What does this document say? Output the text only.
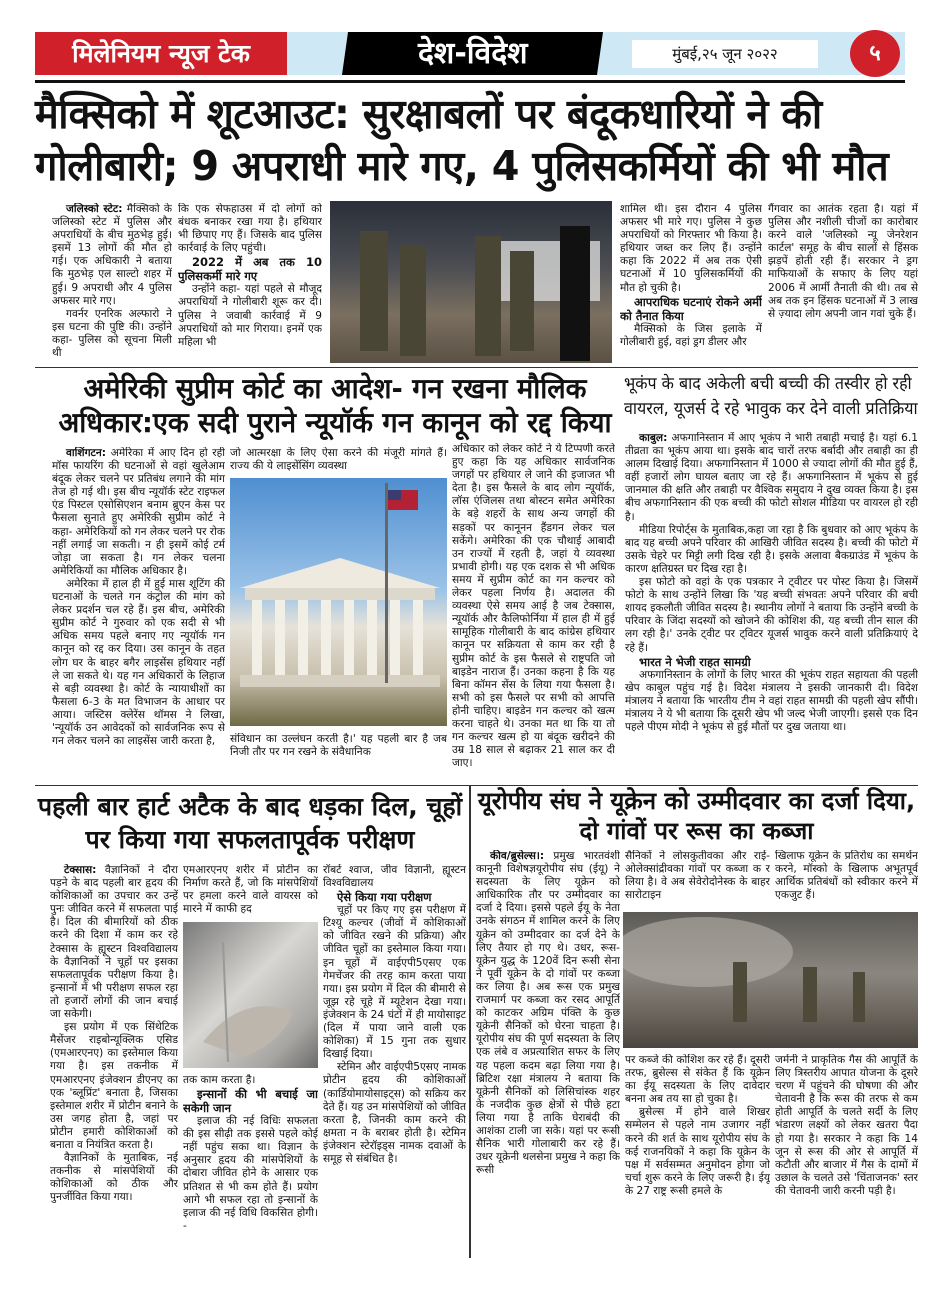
मिलेनियम न्यूज टेक	देश-विदेश	मुंबई,२५ जून २०२२	५
मैक्सिको में शूटआउट: सुरक्षाबलों पर बंदूकधारियों ने की गोलीबारी; 9 अपराधी मारे गए, 4 पुलिसकर्मियों की भी मौत

जलिस्को स्टेट: मैक्सिको के जलिस्को स्टेट में पुलिस और अपराधियों के बीच मुठभेड़ हुई। इसमें 13 लोगों की मौत हो गई। एक अधिकारी ने बताया कि मुठभेड़ एल साल्टो शहर में हुई। 9 अपराधी और 4 पुलिस अफसर मारे गए।

गवर्नर एनरिक अल्फारो ने इस घटना की पुष्टि की। उन्होंने कहा- पुलिस को सूचना मिली थी

कि एक सेफहाउस में दो लोगों को बंधक बनाकर रखा गया है। हथियार भी छिपाए गए हैं। जिसके बाद पुलिस कार्रवाई के लिए पहुंची।

2022 में अब तक 10 पुलिसकर्मी मारे गए

उन्होंने कहा- यहां पहले से मौजूद अपराधियों ने गोलीबारी शूरू कर दी। पुलिस ने जवाबी कार्रवाई में 9 अपराधियों को मार गिराया। इनमें एक महिला भी

शामिल थी। इस दौरान 4 पुलिस अफसर भी मारे गए। पुलिस ने कुछ अपराधियों को गिरफ्तार भी किया है। हथियार जब्त कर लिए हैं। उन्होंने कहा कि 2022 में अब तक ऐसी घटनाओं में 10 पुलिसकर्मियों की मौत हो चुकी है।

आपराधिक घटनाएं रोकने अर्मी को तैनात किया

मैक्सिको के जिस इलाके में गोलीबारी हुई, वहां ड्रग डीलर और

गैंगवार का आतंक रहता है। यहां में पुलिस और नशीली चीजों का कारोबार करने वाले 'जलिस्को न्यू जेनरेशन कार्टल' समूह के बीच सालों से हिंसक झड़पें होती रही हैं। सरकार ने ड्रग माफियाओं के सफाए के लिए यहां 2006 में आर्मी तैनाती की थी। तब से अब तक इन हिंसक घटनाओं में 3 लाख से ज़्यादा लोग अपनी जान गवां चुके हैं।

अमेरिकी सुप्रीम कोर्ट का आदेश- गन रखना मौलिक अधिकार:एक सदी पुराने न्यूयॉर्क गन कानून को रद्द किया

वाशिंगटन: अमेरिका में आए दिन हो रही मॉस फायरिंग की घटनाओं से वहां खुलेआम बंदूक लेकर चलने पर प्रतिबंध लगाने की मांग तेज हो गई थी। इस बीच न्यूयॉर्क स्टेट राइफल एंड पिस्टल एसोसिएशन बनाम ब्रुएन केस पर फैसला सुनाते हुए अमेरिकी सुप्रीम कोर्ट ने कहा- अमेरिकियों को गन लेकर चलने पर रोक नहीं लगाई जा सकती। न ही इसमें कोई टर्म जोड़ा जा सकता है। गन लेकर चलना अमेरिकियों का मौलिक अधिकार है।

अमेरिका में हाल ही में हुई मास शूटिंग की घटनाओं के चलते गन कंट्रोल की मांग को लेकर प्रदर्शन चल रहे हैं। इस बीच, अमेरिकी सुप्रीम कोर्ट ने गुरुवार को एक सदी से भी अधिक समय पहले बनाए गए न्यूयॉर्क गन कानून को रद्द कर दिया। उस कानून के तहत लोग घर के बाहर बगैर लाइसेंस हथियार नहीं ले जा सकते थे। यह गन अधिकारों के लिहाज से बड़ी व्यवस्था है। कोर्ट के न्यायाधीशों का फैसला 6-3 के मत विभाजन के आधार पर आया। जस्टिस क्लेरेंस थॉमस ने लिखा, 'न्यूयॉर्क उन आवेदकों को सार्वजनिक रूप से गन लेकर चलने का लाइसेंस जारी करता है,

जो आत्मरक्षा के लिए ऐसा करने की मंजूरी मांगते हैं। राज्य की ये लाइसेंसिंग व्यवस्था

संविधान का उल्लंघन करती है।' यह पहली बार है जब निजी तौर पर गन रखने के संवैधानिक

अधिकार को लेकर कोर्ट ने ये टिप्पणी करते हुए कहा कि यह अधिकार सार्वजनिक जगहों पर हथियार ले जाने की इजाजत भी देता है। इस फैसले के बाद लोग न्यूयॉर्क, लॉस एंजिलस तथा बोस्टन समेत अमेरिका के बड़े शहरों के साथ अन्य जगहों की सड़कों पर कानूनन हैंडगन लेकर चल सकेंगे। अमेरिका की एक चौथाई आबादी उन राज्यों में रहती है, जहां ये व्यवस्था प्रभावी होगी। यह एक दशक से भी अधिक समय में सुप्रीम कोर्ट का गन कल्चर को लेकर पहला निर्णय है। अदालत की व्यवस्था ऐसे समय आई है जब टेक्सास, न्यूयॉर्क और कैलिफोर्निया में हाल ही में हुई सामूहिक गोलीबारी के बाद कांग्रेस हथियार कानून पर सक्रियता से काम कर रही है सुप्रीम कोर्ट के इस फैसले से राष्ट्रपति जो बाइडेन नाराज हैं। उनका कहना है कि यह बिना कॉमन सेंस के लिया गया फैसला है। सभी को इस फैसले पर सभी को आपत्ति होनी चाहिए। बाइडेन गन कल्चर को खत्म करना चाहते थे। उनका मत था कि या तो गन कल्चर खत्म हो या बंदूक खरीदने की उम्र 18 साल से बढ़ाकर 21 साल कर दी जाए।

भूकंप के बाद अकेली बची बच्ची की तस्वीर हो रही वायरल, यूजर्स दे रहे भावुक कर देने वाली प्रतिक्रिया

काबुल: अफगानिस्तान में आए भूकंप ने भारी तबाही मचाई है। यहां 6.1 तीव्रता का भूकंप आया था। इसके बाद चारों तरफ बर्बादी और तबाही का ही आलम दिखाई दिया। अफगानिस्तान में 1000 से ज्यादा लोगों की मौत हुई हैं, वहीं हजारों लोग घायल बताए जा रहे हैं। अफगानिस्तान में भूकंप से हुई जानमाल की क्षति और तबाही पर वैश्विक समुदाय ने दुख व्यक्त किया है। इस बीच अफगानिस्तान की एक बच्ची की फोटो सोशल मीडिया पर वायरल हो रही है।

मीडिया रिपोर्ट्स के मुताबिक,कहा जा रहा है कि बुधवार को आए भूकंप के बाद यह बच्ची अपने परिवार की आखिरी जीवित सदस्य है। बच्ची की फोटो में उसके चेहरे पर मिट्टी लगी दिख रही है। इसके अलावा बैकग्राउंड में भूकंप के कारण क्षतिग्रस्त घर दिख रहा है।

इस फोटो को वहां के एक पत्रकार ने ट्वीटर पर पोस्ट किया है। जिसमें फोटो के साथ उन्होंने लिखा कि 'यह बच्ची संभवतः अपने परिवार की बची शायद इकलौती जीवित सदस्य है। स्थानीय लोगों ने बताया कि उन्होंने बच्ची के परिवार के जिंदा सदस्यों को खोजने की कोशिश की, यह बच्ची तीन साल की लग रही है।' उनके ट्वीट पर ट्विटर यूजर्स भावुक करने वाली प्रतिक्रियाएं दे रहे हैं।

भारत ने भेजी राहत सामग्री

अफगानिस्तान के लोगों के लिए भारत की भूकंप राहत सहायता की पहली खेप काबुल पहुंच गई है। विदेश मंत्रालय ने इसकी जानकारी दी। विदेश मंत्रालय ने बताया कि भारतीय टीम ने वहां राहत सामग्री की पहली खेप सौंपी। मंत्रालय ने ये भी बताया कि दूसरी खेप भी जल्द भेजी जाएगी। इससे एक दिन पहले पीएम मोदी ने भूकंप से हुई मौतों पर दुख जताया था।

पहली बार हार्ट अटैक के बाद धड़का दिल, चूहों पर किया गया सफलतापूर्वक परीक्षण

टेक्सास: वैज्ञानिकों ने दौरा पड़ने के बाद पहली बार हृदय की कोशिकाओं का उपचार कर उन्हें पुनः जीवित करने में सफलता पाई है। दिल की बीमारियों को ठीक करने की दिशा में काम कर रहे टेक्सास के ह्यूस्टन विश्वविद्यालय के वैज्ञानिकों ने चूहों पर इसका सफलतापूर्वक परीक्षण किया है। इन्सानों में भी परीक्षण सफल रहा तो हजारों लोगों की जान बचाई जा सकेगी।

इस प्रयोग में एक सिंथेटिक मैसेंजर राइबोन्यूक्लिक एसिड (एमआरएनए) का इस्तेमाल किया गया है। इस तकनीक में एमआरएनए इंजेक्शन डीएनए का एक 'ब्लूप्रिंट' बनाता है, जिसका इस्तेमाल शरीर में प्रोटीन बनाने के उस जगह होता है, जहां पर प्रोटीन हमारी कोशिकाओं को बनाता व नियंत्रित करता है।

वैज्ञानिकों के मुताबिक, नई तकनीक से मांसपेशियों की कोशिकाओं को ठीक और पुनर्जीवित किया गया।

एमआरएनए शरीर में प्रोटीन का निर्माण करते हैं, जो कि मांसपेशियों पर हमला करने वाले वायरस को मारने में काफी हद

तक काम करता है।

इन्सानों की भी बचाई जा सकेगी जान

इलाज की नई विधिः सफलता की इस सीढ़ी तक इससे पहले कोई नहीं पहुंच सका था। विज्ञान के अनुसार हृदय की मांसपेशियों के दोबारा जीवित होने के आसार एक प्रतिशत से भी कम होते हैं। प्रयोग आगे भी सफल रहा तो इन्सानों के इलाज की नई विधि विकसित होगी। -

रॉबर्ट श्वाज, जीव विज्ञानी, ह्यूस्टन विश्वविद्यालय

ऐसे किया गया परीक्षण

चूहों पर किए गए इस परीक्षण में टिश्यू कल्चर (जीवों में कोशिकाओं को जीवित रखने की प्रक्रिया) और जीवित चूहों का इस्तेमाल किया गया। इन चूहों में वाईएपी5एसए एक गेमचेंजर की तरह काम करता पाया गया। इस प्रयोग में दिल की बीमारी से जूझ रहे चूहे में म्यूटेशन देखा गया। इंजेक्शन के 24 घंटों में ही मायोसाइट (दिल में पाया जाने वाली एक कोशिका) में 15 गुना तक सुधार दिखाई दिया।

स्टेमिन और वाईएपी5एसए नामक प्रोटीन हृदय की कोशिकाओं (कार्डियोमायोसाइट्स) को सक्रिय कर देते हैं। यह उन मांसपेशियों को जीवित करता है, जिनकी काम करने की क्षमता न के बराबर होती है। स्टेमिन इंजेक्शन स्टेरॉइड्स नामक दवाओं के समूह से संबंधित है।

यूरोपीय संघ ने यूक्रेन को उम्मीदवार का दर्जा दिया, दो गांवों पर रूस का कब्जा

कीव/ब्रुसेल्स।: प्रमुख भारतवंशी कानूनी विशेषज्ञयूरोपीय संघ (ईयू) ने सदस्यता के लिए यूक्रेन को आधिकारिक तौर पर उम्मीदवार का दर्जा दे दिया। इससे पहले ईयू के नेता उनके संगठन में शामिल करने के लिए यूक्रेन को उम्मीदवार का दर्ज देने के लिए तैयार हो गए थे। उधर, रूस-यूक्रेन युद्ध के 120वें दिन रूसी सेना ने पूर्वी यूक्रेन के दो गांवों पर कब्जा कर लिया है। अब रूस एक प्रमुख राजमार्ग पर कब्जा कर रसद आपूर्ति को काटकर अग्रिम पंक्ति के कुछ यूक्रेनी सैनिकों को घेरना चाहता है। यूरोपीय संघ की पूर्ण सदस्यता के लिए एक लंबे व अप्रत्याशित सफर के लिए यह पहला कदम बढ़ा लिया गया है। ब्रिटिश रक्षा मंत्रालय ने बताया कि यूक्रेनी सैनिकों को लिसिचांस्क शहर के नजदीक कुछ क्षेत्रों से पीछे हटा लिया गया है ताकि घेराबंदी की आशंका टाली जा सके। यहां पर रूसी सैनिक भारी गोलाबारी कर रहे हैं। उधर यूक्रेनी थलसेना प्रमुख ने कहा कि रूसी

सैनिकों ने लोसकुतीवका और राई-ओलेक्सांद्रीवका गांवों पर कब्जा क र लिया है। वे अब सेवेरोदोनेस्क के बाहर सारोटाइन

खिलाफ यूक्रेन के प्रतिरोध का समर्थन करने, मॉस्को के खिलाफ अभूतपूर्व आर्थिक प्रतिबंधों को स्वीकार करने में एकजुट हैं।

पर कब्जे की कोशिश कर रहे हैं। दूसरी तरफ, ब्रुसेल्स से संकेत हैं कि यूक्रेन का ईयू सदस्यता के लिए दावेदार बनना अब तय सा हो चुका है।

ब्रुसेल्स में होने वाले शिखर सम्मेलन से पहले नाम उजागर नहीं करने की शर्त के साथ यूरोपीय संघ के कई राजनयिकों ने कहा कि यूक्रेन के पक्ष में सर्वसम्मत अनुमोदन होगा जो चर्चा शुरू करने के लिए जरूरी है। ईयू के 27 राष्ट्र रूसी हमले के

जर्मनी ने प्राकृतिक गैस की आपूर्ति के लिए त्रिस्तरीय आपात योजना के दूसरे चरण में पहुंचने की घोषणा की और चेतावनी है कि रूस की तरफ से कम होती आपूर्ति के चलते सर्दी के लिए भंडारण लक्ष्यों को लेकर खतरा पैदा हो गया है। सरकार ने कहा कि 14 जून से रूस की ओर से आपूर्ति में कटौती और बाजार में गैस के दामों में उछाल के चलते उसे 'चिंताजनक' स्तर की चेतावनी जारी करनी पड़ी है।
